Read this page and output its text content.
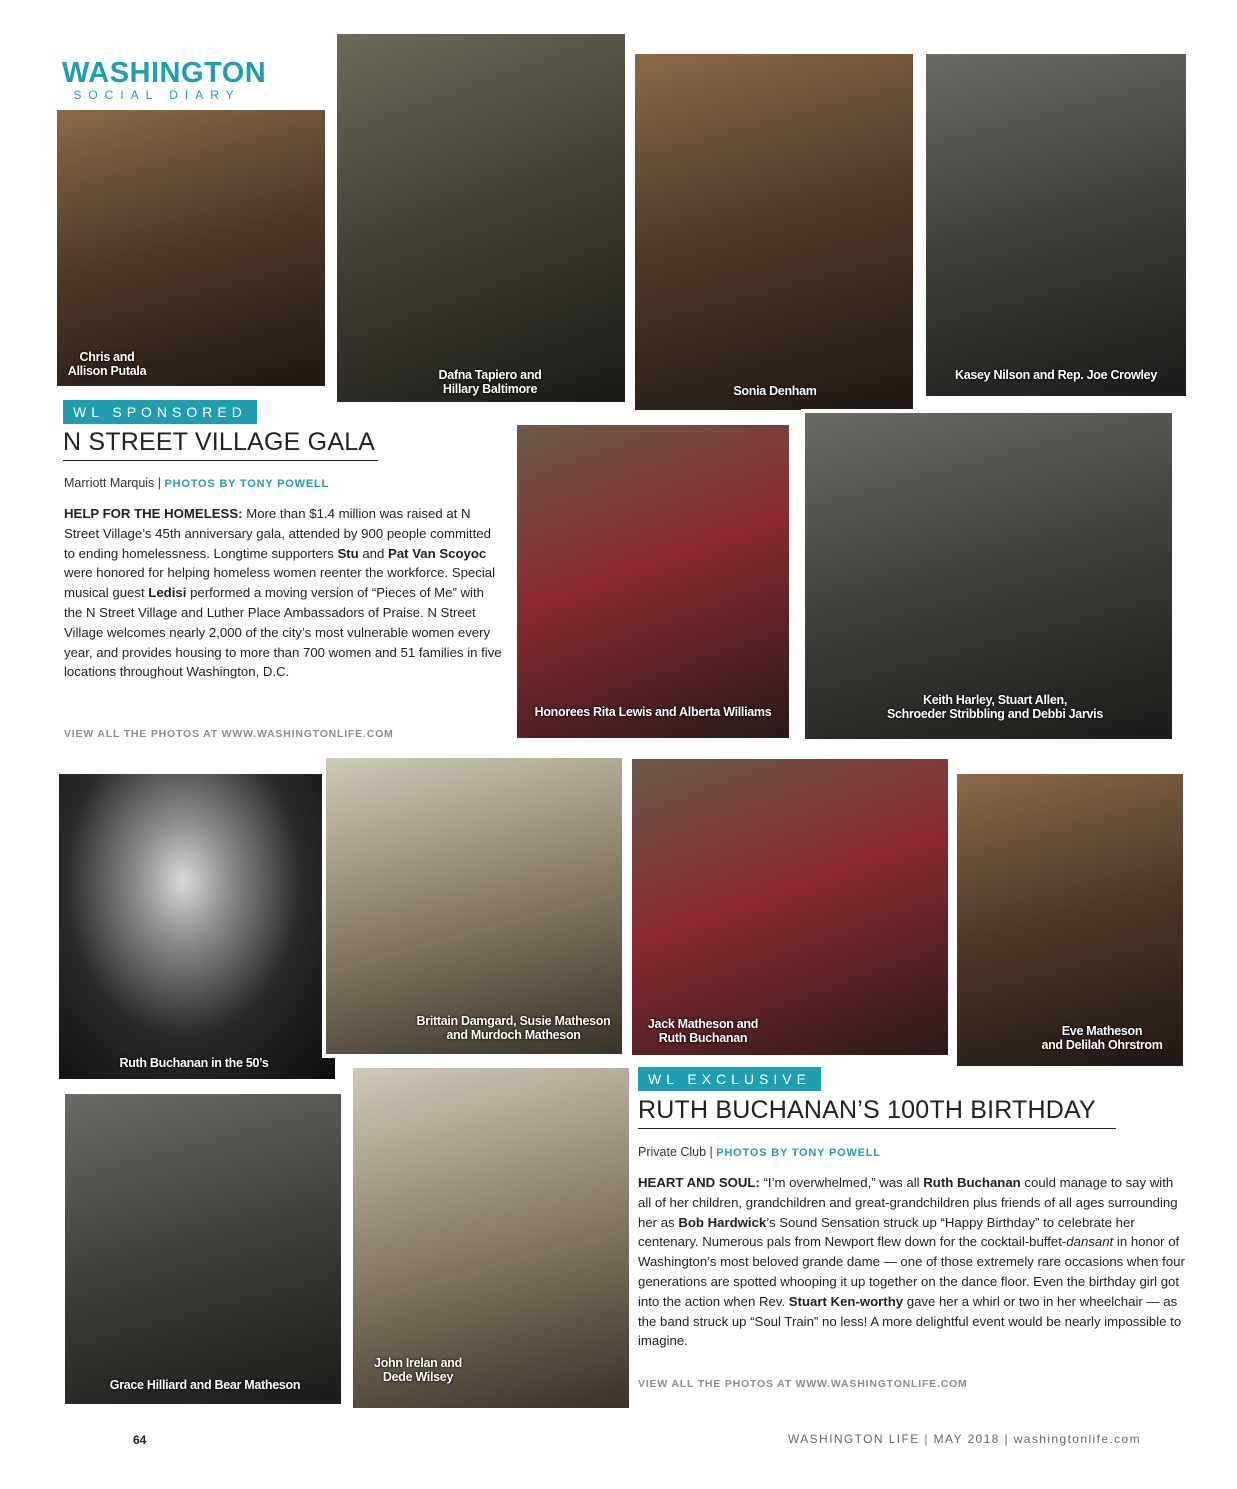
WASHINGTON
SOCIAL DIARY
Chris and
Allison Putala	Dafna Tapiero and
Hillary Baltimore	Sonia Denham
Kasey Nilson and Rep. Joe Crowley
WL SPONSORED
N STREET VILLAGE GALA
Marriott Marquis | PHOTOS BY TONY POWELL
HELP FOR THE HOMELESS: More than $1.4 million was raised at N Street Village’s 45th anniversary gala, attended by 900 people committed to ending homelessness. Longtime supporters Stu and Pat Van Scoyoc were honored for helping homeless women reenter the workforce. Special musical guest Ledisi performed a moving version of “Pieces of Me” with the N Street Village and Luther Place Ambassadors of Praise. N Street Village welcomes nearly 2,000 of the city’s most vulnerable women every year, and provides housing to more than 700 women and 51 families in five locations throughout Washington, D.C.
VIEW ALL THE PHOTOS AT WWW.WASHINGTONLIFE.COM
Honorees Rita Lewis and Alberta Williams
Keith Harley, Stuart Allen,
Schroeder Stribbling and Debbi Jarvis
Ruth Buchanan in the 50’s
Brittain Damgard, Susie Matheson
and Murdoch Matheson
Jack Matheson and
Ruth Buchanan	Eve Matheson
and Delilah Ohrstrom
Grace Hilliard and Bear Matheson
John Irelan and
Dede Wilsey
WL EXCLUSIVE
RUTH BUCHANAN’S 100TH BIRTHDAY
Private Club | PHOTOS BY TONY POWELL
HEART AND SOUL: “I’m overwhelmed,” was all Ruth Buchanan could manage to say with all of her children, grandchildren and great-grandchildren plus friends of all ages surrounding her as Bob Hardwick’s Sound Sensation struck up “Happy Birthday” to celebrate her centenary. Numerous pals from Newport flew down for the cocktail-buffet-dansant in honor of Washington’s most beloved grande dame — one of those extremely rare occasions when four generations are spotted whooping it up together on the dance floor. Even the birthday girl got into the action when Rev. Stuart Ken-worthy gave her a whirl or two in her wheelchair — as the band struck up “Soul Train” no less! A more delightful event would be nearly impossible to imagine.
VIEW ALL THE PHOTOS AT WWW.WASHINGTONLIFE.COM
64	WASHINGTON LIFE | MAY 2018 | washingtonlife.com
